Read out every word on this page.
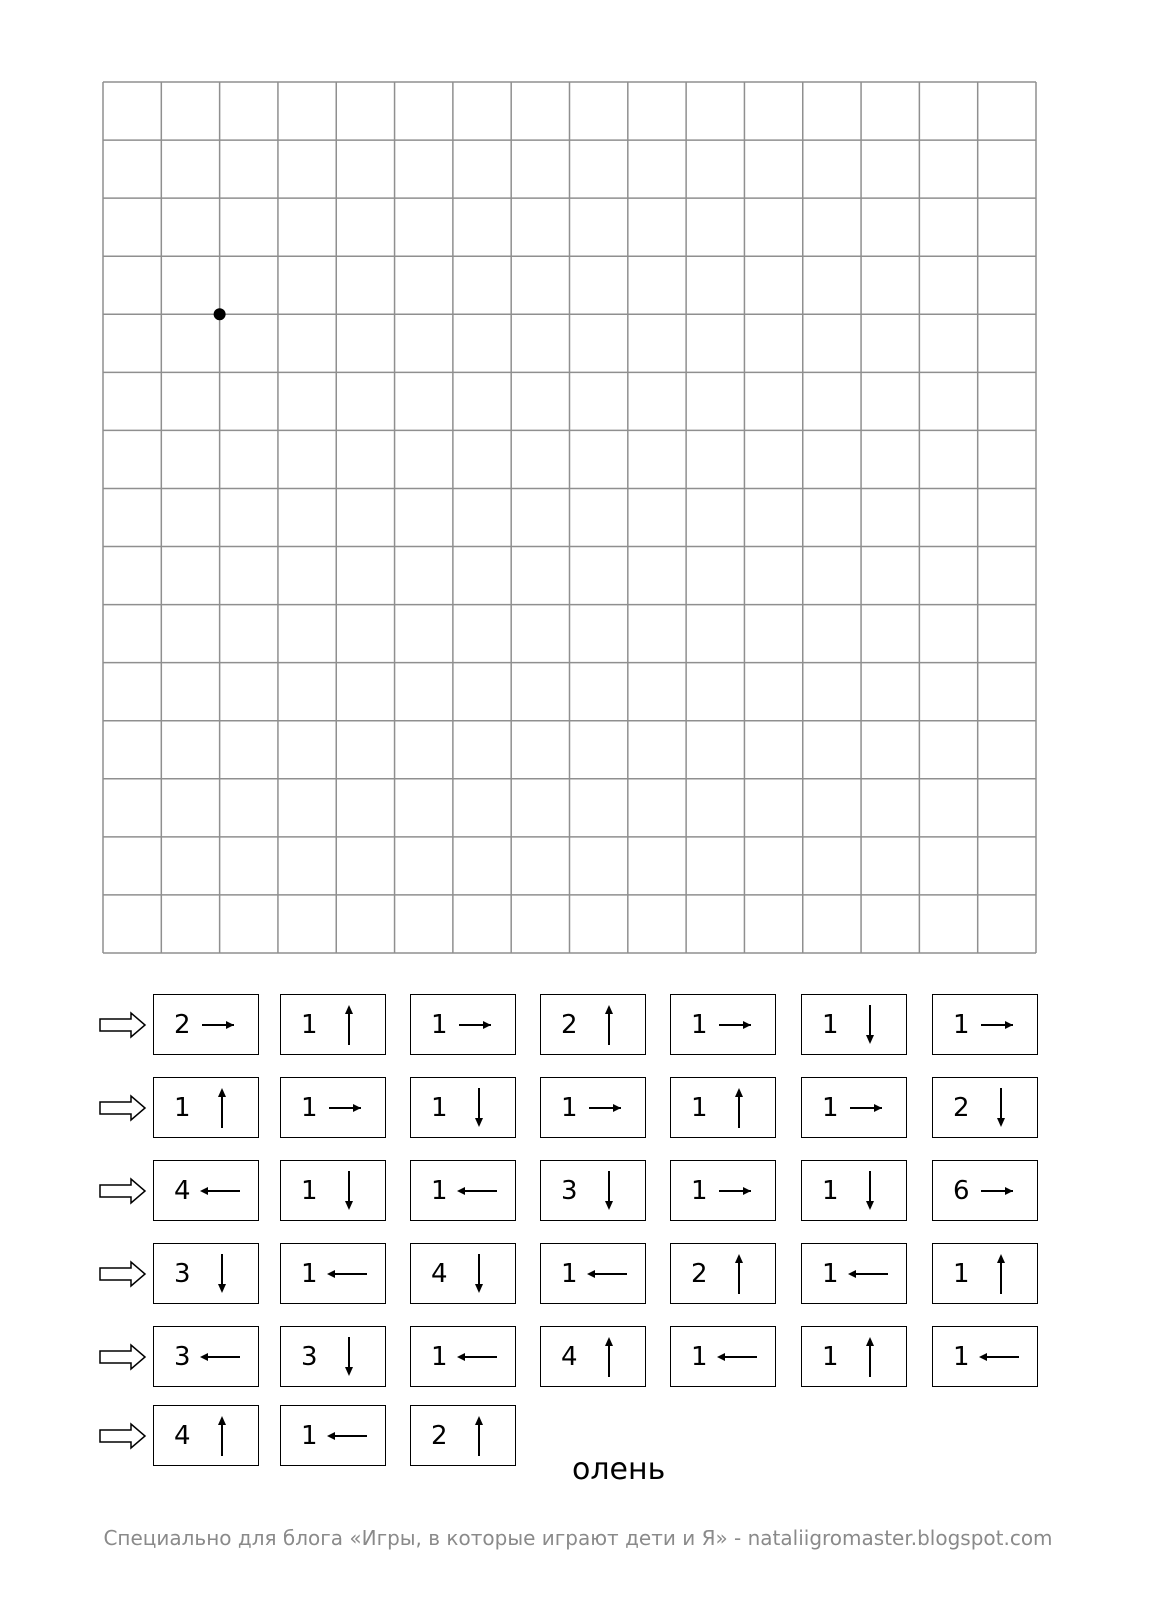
2	1	1	2	1	1	1
1	1	1	1	1	1	2
4	1	1	3	1	1	6
3	1	4	1	2	1	1
3	3	1	4	1	1	1
4	1	2
олень
Специально для блога «Игры, в которые играют дети и Я» - nataliigromaster.blogspot.com
